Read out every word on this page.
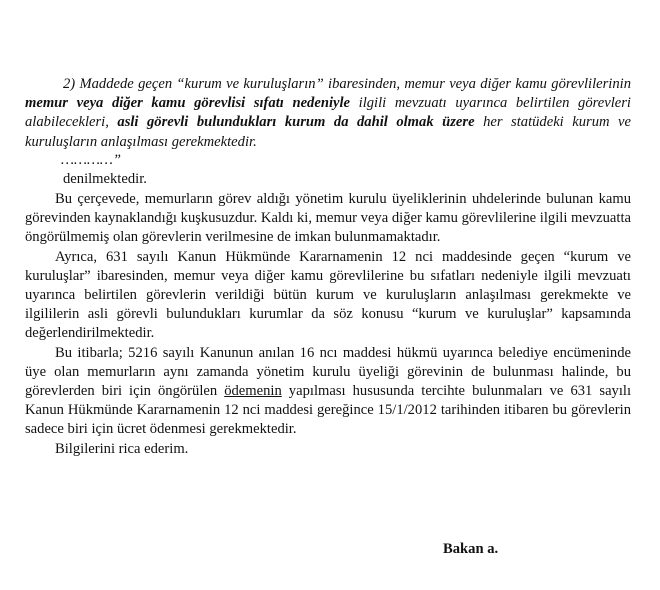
2) Maddede geçen “kurum ve kuruluşların” ibaresinden, memur veya diğer kamu görevlilerinin memur veya diğer kamu görevlisi sıfatı nedeniyle ilgili mevzuatı uyarınca belirtilen görevleri alabilecekleri, asli görevli bulundukları kurum da dahil olmak üzere her statüdeki kurum ve kuruluşların anlaşılması gerekmektedir.

…………”

denilmektedir.

Bu çerçevede, memurların görev aldığı yönetim kurulu üyeliklerinin uhdelerinde bulunan kamu görevinden kaynaklandığı kuşkusuzdur. Kaldı ki, memur veya diğer kamu görevlilerine ilgili mevzuatta öngörülmemiş olan görevlerin verilmesine de imkan bulunmamaktadır.

Ayrıca, 631 sayılı Kanun Hükmünde Kararnamenin 12 nci maddesinde geçen “kurum ve kuruluşlar” ibaresinden, memur veya diğer kamu görevlilerine bu sıfatları nedeniyle ilgili mevzuatı uyarınca belirtilen görevlerin verildiği bütün kurum ve kuruluşların anlaşılması gerekmekte ve ilgililerin asli görevli bulundukları kurumlar da söz konusu “kurum ve kuruluşlar” kapsamında değerlendirilmektedir.

Bu itibarla; 5216 sayılı Kanunun anılan 16 ncı maddesi hükmü uyarınca belediye encümeninde üye olan memurların aynı zamanda yönetim kurulu üyeliği görevinin de bulunması halinde, bu görevlerden biri için öngörülen ödemenin yapılması hususunda tercihte bulunmaları ve 631 sayılı Kanun Hükmünde Kararnamenin 12 nci maddesi gereğince 15/1/2012 tarihinden itibaren bu görevlerin sadece biri için ücret ödenmesi gerekmektedir.

Bilgilerini rica ederim.

Bakan a.
